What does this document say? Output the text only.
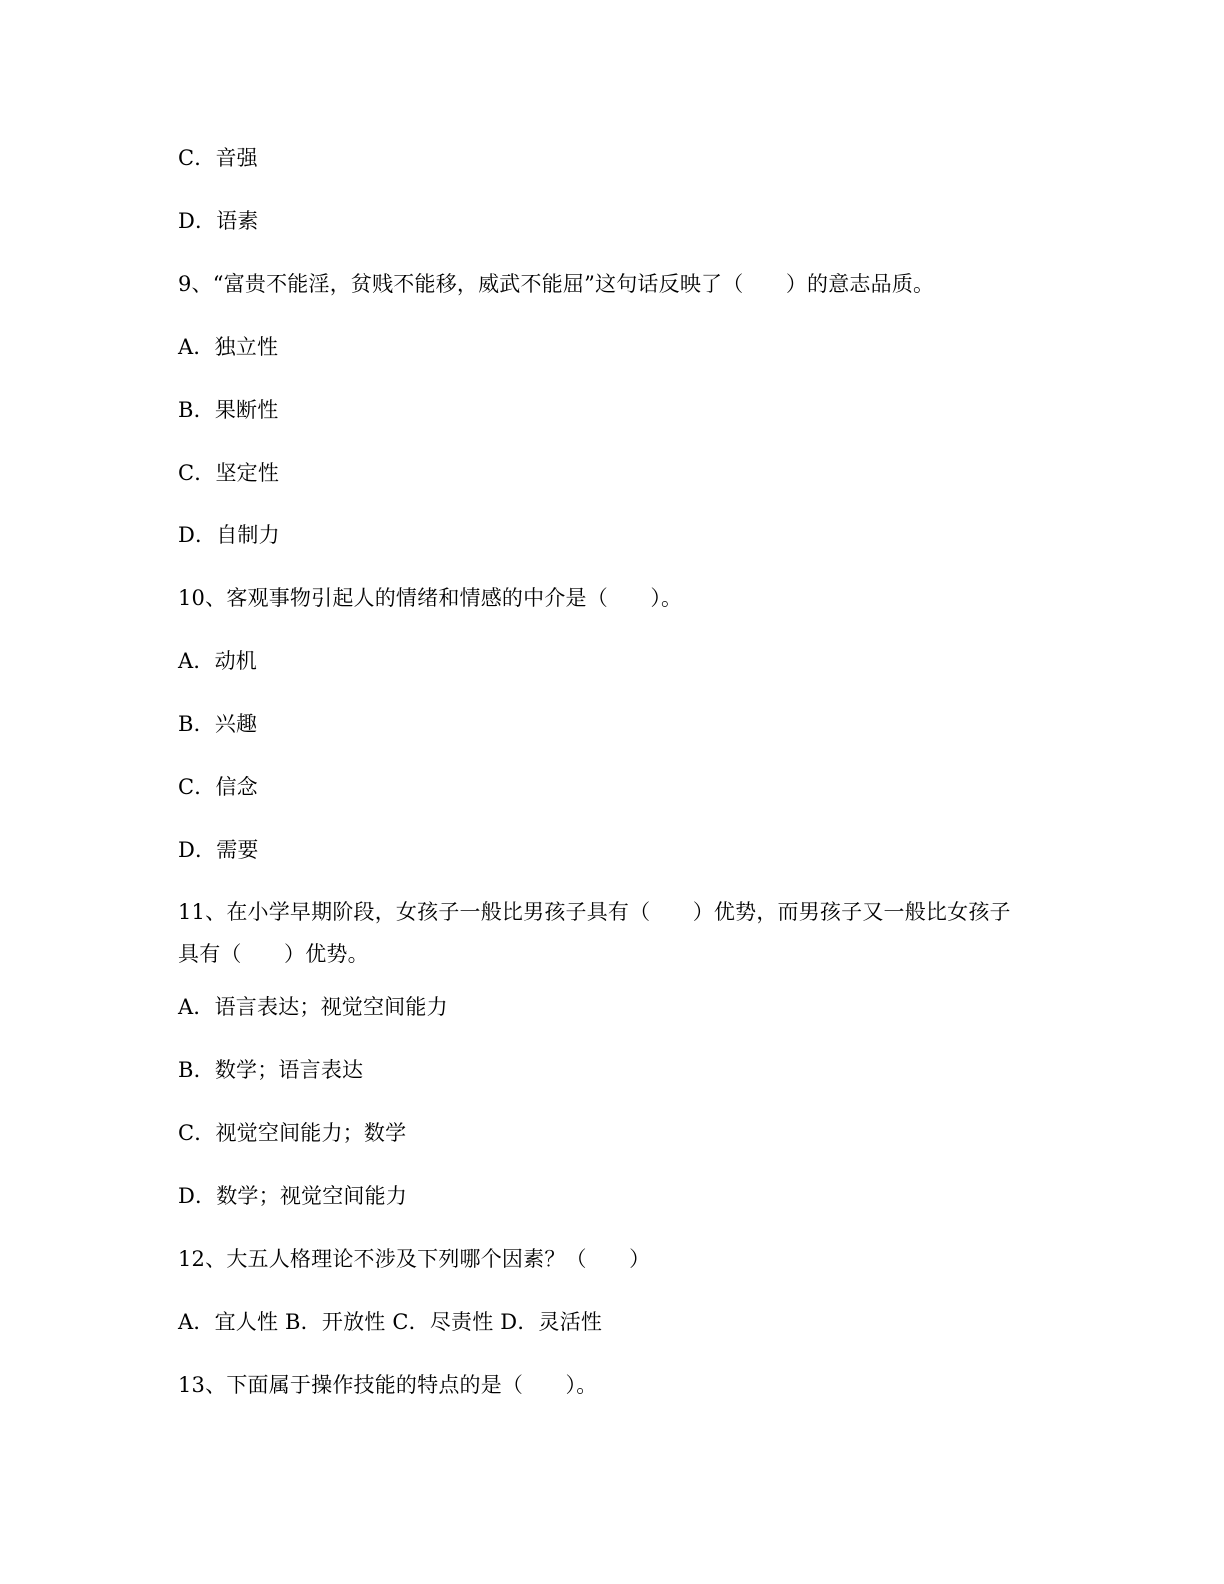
C．音强
D．语素
9、“富贵不能淫，贫贱不能移，威武不能屈”这句话反映了（　　）的意志品质。
A．独立性
B．果断性
C．坚定性
D．自制力
10、客观事物引起人的情绪和情感的中介是（　　）。
A．动机
B．兴趣
C．信念
D．需要
11、在小学早期阶段，女孩子一般比男孩子具有（　　）优势，而男孩子又一般比女孩子
具有（　　）优势。
A．语言表达；视觉空间能力
B．数学；语言表达
C．视觉空间能力；数学
D．数学；视觉空间能力
12、大五人格理论不涉及下列哪个因素？（　　）
A．宜人性 B．开放性 C．尽责性 D．灵活性
13、下面属于操作技能的特点的是（　　）。
